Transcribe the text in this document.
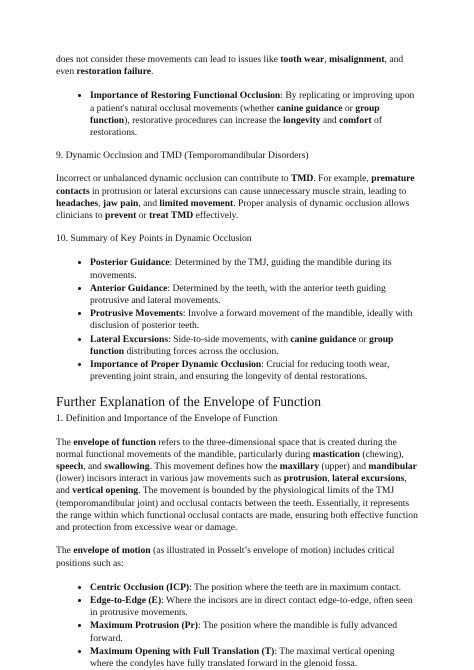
does not consider these movements can lead to issues like tooth wear, misalignment, and even restoration failure.

• Importance of Restoring Functional Occlusion: By replicating or improving upon a patient's natural occlusal movements (whether canine guidance or group function), restorative procedures can increase the longevity and comfort of restorations.

9. Dynamic Occlusion and TMD (Temporomandibular Disorders)

Incorrect or unbalanced dynamic occlusion can contribute to TMD. For example, premature contacts in protrusion or lateral excursions can cause unnecessary muscle strain, leading to headaches, jaw pain, and limited movement. Proper analysis of dynamic occlusion allows clinicians to prevent or treat TMD effectively.

10. Summary of Key Points in Dynamic Occlusion

• Posterior Guidance: Determined by the TMJ, guiding the mandible during its movements.
• Anterior Guidance: Determined by the teeth, with the anterior teeth guiding protrusive and lateral movements.
• Protrusive Movements: Involve a forward movement of the mandible, ideally with disclusion of posterior teeth.
• Lateral Excursions: Side-to-side movements, with canine guidance or group function distributing forces across the occlusion.
• Importance of Proper Dynamic Occlusion: Crucial for reducing tooth wear, preventing joint strain, and ensuring the longevity of dental restorations.
Further Explanation of the Envelope of Function

1. Definition and Importance of the Envelope of Function

The envelope of function refers to the three-dimensional space that is created during the normal functional movements of the mandible, particularly during mastication (chewing), speech, and swallowing. This movement defines how the maxillary (upper) and mandibular (lower) incisors interact in various jaw movements such as protrusion, lateral excursions, and vertical opening. The movement is bounded by the physiological limits of the TMJ (temporomandibular joint) and occlusal contacts between the teeth. Essentially, it represents the range within which functional occlusal contacts are made, ensuring both effective function and protection from excessive wear or damage.

The envelope of motion (as illustrated in Posselt’s envelope of motion) includes critical positions such as:

• Centric Occlusion (ICP): The position where the teeth are in maximum contact.
• Edge-to-Edge (E): Where the incisors are in direct contact edge-to-edge, often seen in protrusive movements.
• Maximum Protrusion (Pr): The position where the mandible is fully advanced forward.
• Maximum Opening with Full Translation (T): The maximal vertical opening where the condyles have fully translated forward in the glenoid fossa.
